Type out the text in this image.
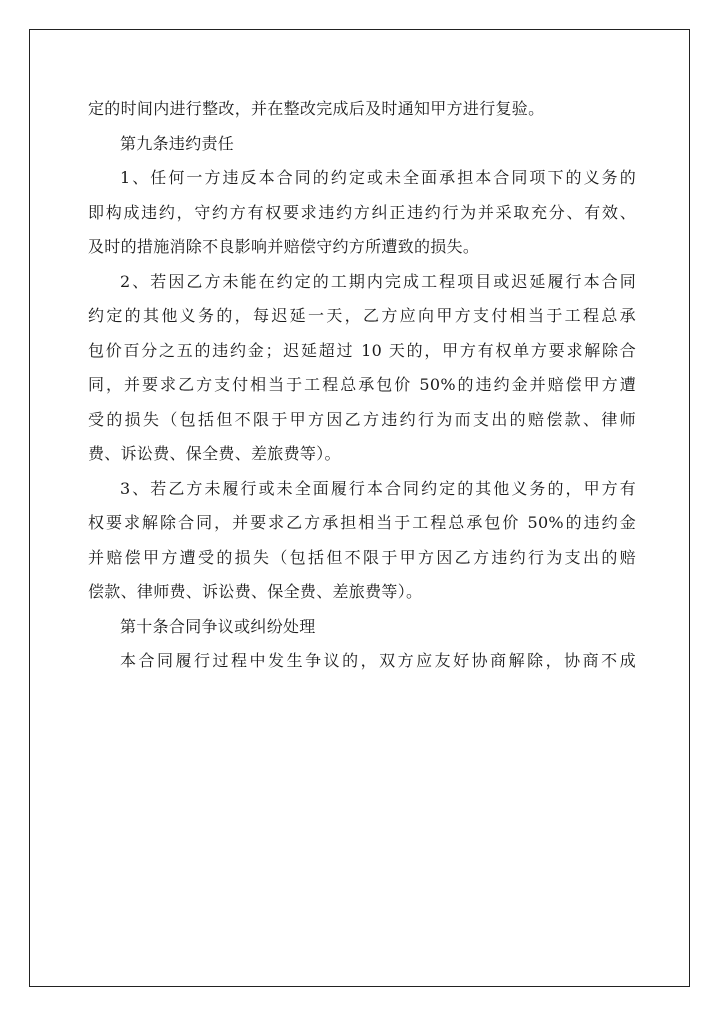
定的时间内进行整改，并在整改完成后及时通知甲方进行复验。
第九条违约责任
1、任何一方违反本合同的约定或未全面承担本合同项下的义务的
即构成违约，守约方有权要求违约方纠正违约行为并采取充分、有效、
及时的措施消除不良影响并赔偿守约方所遭致的损失。
2、若因乙方未能在约定的工期内完成工程项目或迟延履行本合同
约定的其他义务的，每迟延一天，乙方应向甲方支付相当于工程总承
包价百分之五的违约金；迟延超过 10 天的，甲方有权单方要求解除合
同，并要求乙方支付相当于工程总承包价 50%的违约金并赔偿甲方遭
受的损失（包括但不限于甲方因乙方违约行为而支出的赔偿款、律师
费、诉讼费、保全费、差旅费等）。
3、若乙方未履行或未全面履行本合同约定的其他义务的，甲方有
权要求解除合同，并要求乙方承担相当于工程总承包价 50%的违约金
并赔偿甲方遭受的损失（包括但不限于甲方因乙方违约行为支出的赔
偿款、律师费、诉讼费、保全费、差旅费等）。
第十条合同争议或纠纷处理
本合同履行过程中发生争议的，双方应友好协商解除，协商不成
